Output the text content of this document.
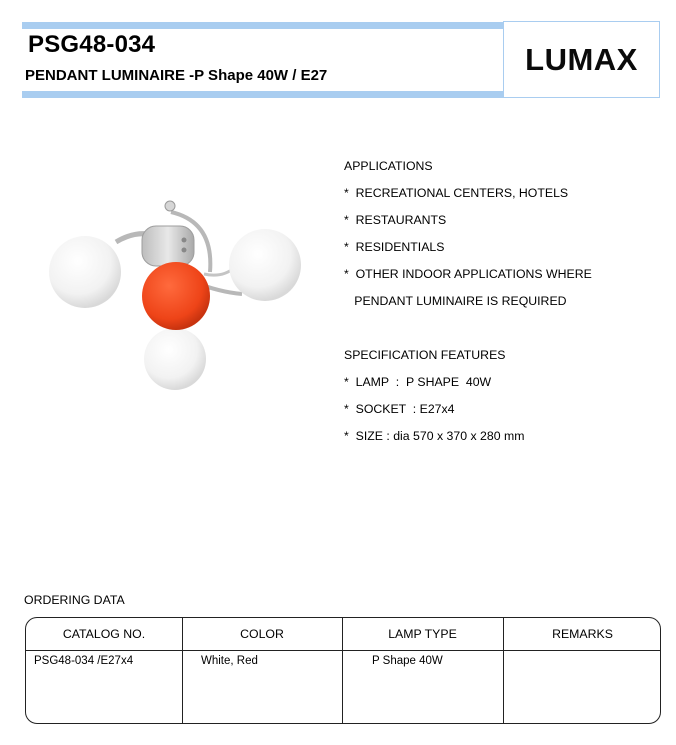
PSG48-034
PENDANT LUMINAIRE -P Shape 40W / E27	LUMAX
APPLICATIONS
*  RECREATIONAL CENTERS, HOTELS
*  RESTAURANTS
*  RESIDENTIALS
*  OTHER INDOOR APPLICATIONS WHERE
PENDANT LUMINAIRE IS REQUIRED
SPECIFICATION FEATURES
*  LAMP  :  P SHAPE  40W
*  SOCKET  : E27x4
*  SIZE : dia 570 x 370 x 280 mm
ORDERING DATA
CATALOG NO.	COLOR	LAMP TYPE	REMARKS
PSG48-034 /E27x4	White, Red	P Shape 40W
